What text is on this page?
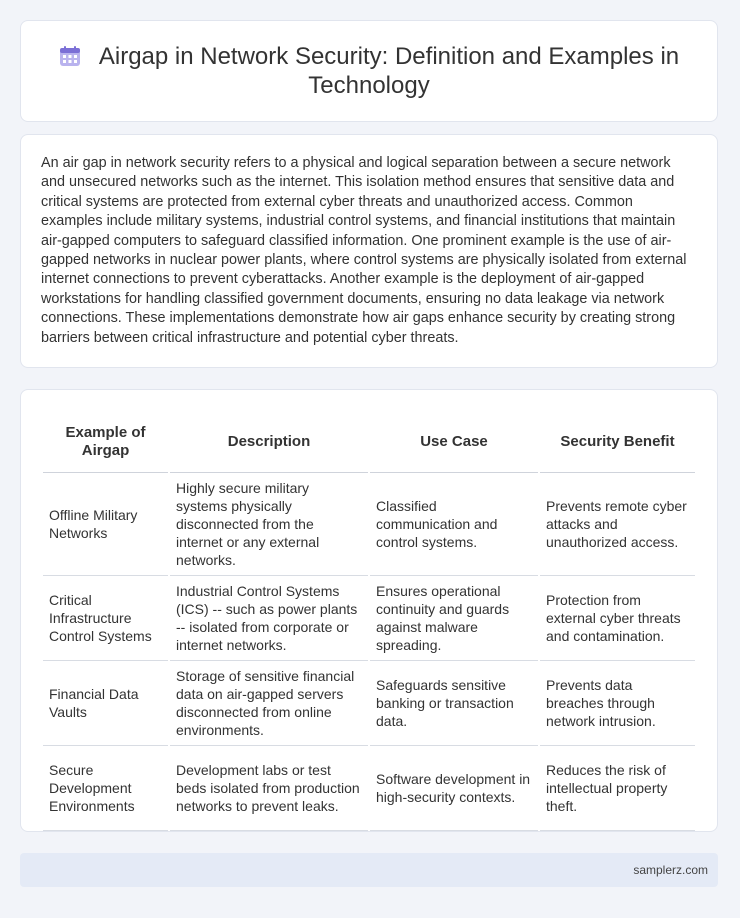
Airgap in Network Security: Definition and Examples in Technology

An air gap in network security refers to a physical and logical separation between a secure network and unsecured networks such as the internet. This isolation method ensures that sensitive data and critical systems are protected from external cyber threats and unauthorized access. Common examples include military systems, industrial control systems, and financial institutions that maintain air-gapped computers to safeguard classified information. One prominent example is the use of air-gapped networks in nuclear power plants, where control systems are physically isolated from external internet connections to prevent cyberattacks. Another example is the deployment of air-gapped workstations for handling classified government documents, ensuring no data leakage via network connections. These implementations demonstrate how air gaps enhance security by creating strong barriers between critical infrastructure and potential cyber threats.

Example of Airgap	Description	Use Case	Security Benefit
Offline Military Networks	Highly secure military systems physically disconnected from the internet or any external networks.	Classified communication and control systems.	Prevents remote cyber attacks and unauthorized access.
Critical Infrastructure Control Systems	Industrial Control Systems (ICS) -- such as power plants -- isolated from corporate or internet networks.	Ensures operational continuity and guards against malware spreading.	Protection from external cyber threats and contamination.
Financial Data Vaults	Storage of sensitive financial data on air-gapped servers disconnected from online environments.	Safeguards sensitive banking or transaction data.	Prevents data breaches through network intrusion.
Secure Development Environments	Development labs or test beds isolated from production networks to prevent leaks.	Software development in high-security contexts.	Reduces the risk of intellectual property theft.
samplerz.com
